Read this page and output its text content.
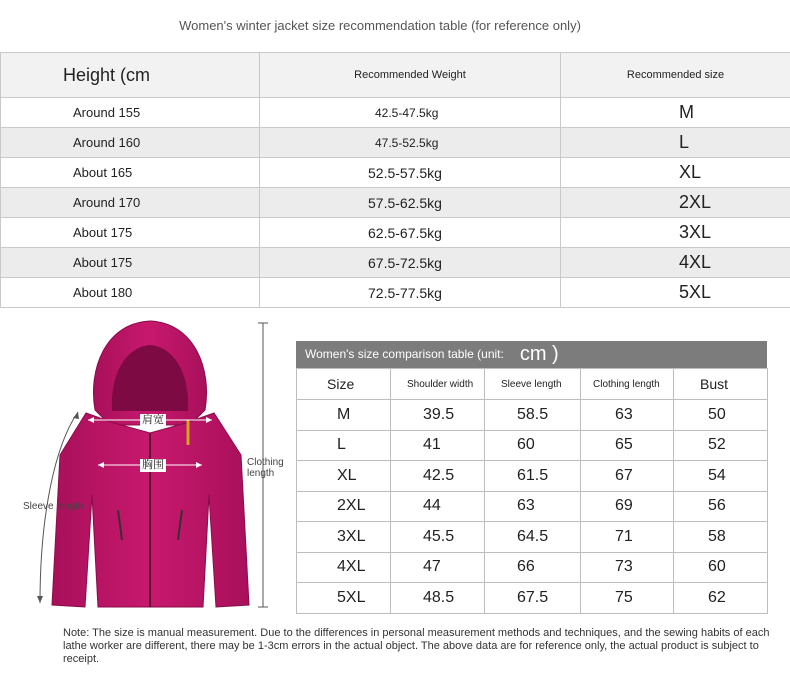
Women's winter jacket size recommendation table (for reference only)
Height (cm	Recommended Weight	Recommended size
Around 155	42.5-47.5kg	M
Around 160	47.5-52.5kg	L
About 165	52.5-57.5kg	XL
Around 170	57.5-62.5kg	2XL
About 175	62.5-67.5kg	3XL
About 175	67.5-72.5kg	4XL
About 180	72.5-77.5kg	5XL
肩宽
胸围	Clothing length
Sleeve length
Women's size comparison table (unit: cm )
Size	Shoulder width	Sleeve length	Clothing length	Bust
M	39.5	58.5	63	50
L	41	60	65	52
XL	42.5	61.5	67	54
2XL	44	63	69	56
3XL	45.5	64.5	71	58
4XL	47	66	73	60
5XL	48.5	67.5	75	62
Note: The size is manual measurement. Due to the differences in personal measurement methods and techniques, and the sewing habits of each lathe worker are different, there may be 1-3cm errors in the actual object. The above data are for reference only, the actual product is subject to receipt.
